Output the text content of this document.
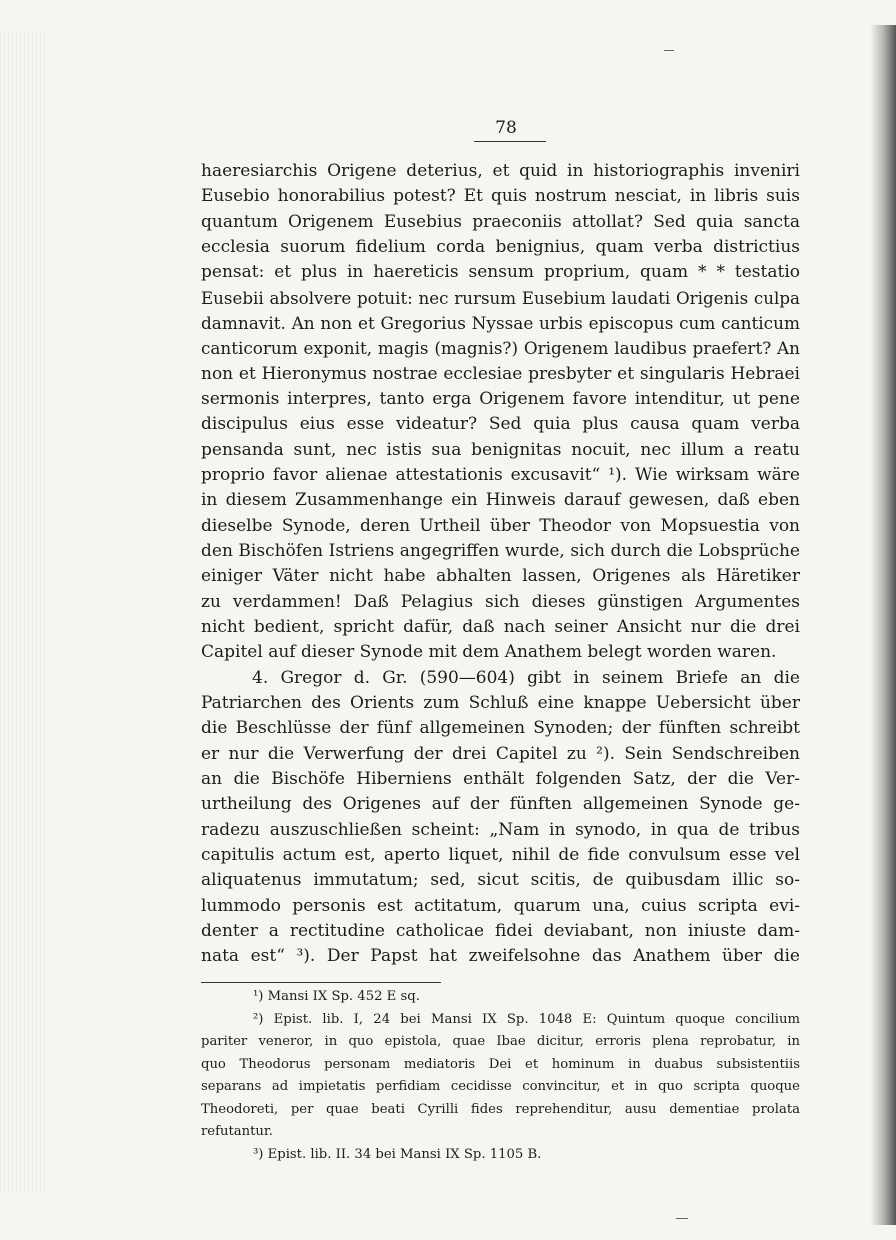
78
haeresiarchis Origene deterius, et quid in historiographis inveniri
Eusebio honorabilius potest? Et quis nostrum nesciat, in libris suis
quantum Origenem Eusebius praeconiis attollat? Sed quia sancta
ecclesia suorum fidelium corda benignius, quam verba districtius
pensat: et plus in haereticis sensum proprium, quam * * testatio
Eusebii absolvere potuit: nec rursum Eusebium laudati Origenis culpa
damnavit. An non et Gregorius Nyssae urbis episcopus cum canticum
canticorum exponit, magis (magnis?) Origenem laudibus praefert? An
non et Hieronymus nostrae ecclesiae presbyter et singularis Hebraei
sermonis interpres, tanto erga Origenem favore intenditur, ut pene
discipulus eius esse videatur? Sed quia plus causa quam verba
pensanda sunt, nec istis sua benignitas nocuit, nec illum a reatu
proprio favor alienae attestationis excusavit“ ¹). Wie wirksam wäre
in diesem Zusammenhange ein Hinweis darauf gewesen, daß eben
dieselbe Synode, deren Urtheil über Theodor von Mopsuestia von
den Bischöfen Istriens angegriffen wurde, sich durch die Lobsprüche
einiger Väter nicht habe abhalten lassen, Origenes als Häretiker
zu verdammen! Daß Pelagius sich dieses günstigen Argumentes
nicht bedient, spricht dafür, daß nach seiner Ansicht nur die drei
Capitel auf dieser Synode mit dem Anathem belegt worden waren.
4. Gregor d. Gr. (590—604) gibt in seinem Briefe an die
Patriarchen des Orients zum Schluß eine knappe Uebersicht über
die Beschlüsse der fünf allgemeinen Synoden; der fünften schreibt
er nur die Verwerfung der drei Capitel zu ²). Sein Sendschreiben
an die Bischöfe Hiberniens enthält folgenden Satz, der die Ver-
urtheilung des Origenes auf der fünften allgemeinen Synode ge-
radezu auszuschließen scheint: „Nam in synodo, in qua de tribus
capitulis actum est, aperto liquet, nihil de fide convulsum esse vel
aliquatenus immutatum; sed, sicut scitis, de quibusdam illic so-
lummodo personis est actitatum, quarum una, cuius scripta evi-
denter a rectitudine catholicae fidei deviabant, non iniuste dam-
nata est“ ³). Der Papst hat zweifelsohne das Anathem über die
¹) Mansi IX Sp. 452 E sq.
²) Epist. lib. I, 24 bei Mansi IX Sp. 1048 E: Quintum quoque concilium
pariter veneror, in quo epistola, quae Ibae dicitur, erroris plena reprobatur, in
quo Theodorus personam mediatoris Dei et hominum in duabus subsistentiis
separans ad impietatis perfidiam cecidisse convincitur, et in quo scripta quoque
Theodoreti, per quae beati Cyrilli fides reprehenditur, ausu dementiae prolata
refutantur.
³) Epist. lib. II. 34 bei Mansi IX Sp. 1105 B.
